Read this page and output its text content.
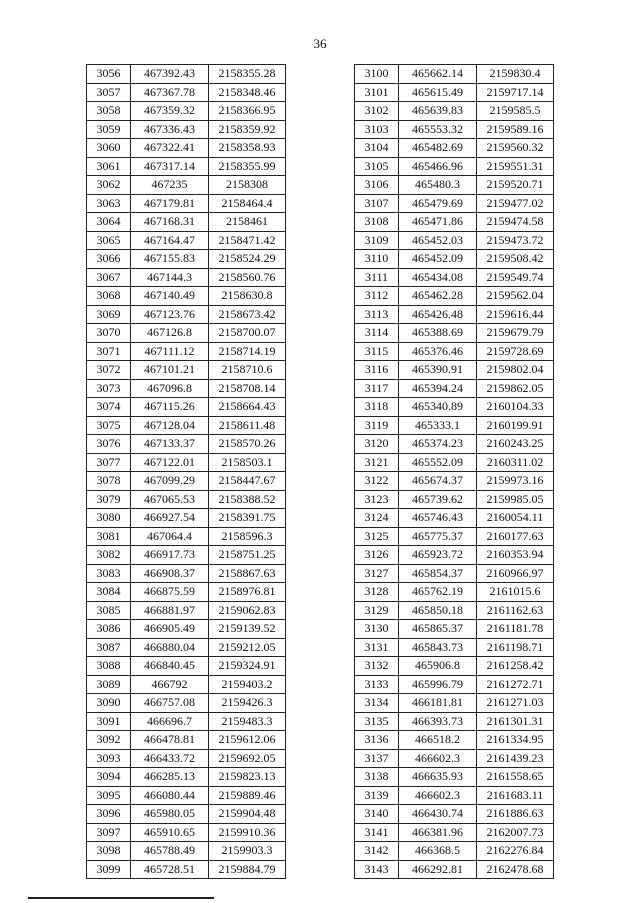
36
3056	467392.43	2158355.28
3057	467367.78	2158348.46
3058	467359.32	2158366.95
3059	467336.43	2158359.92
3060	467322.41	2158358.93
3061	467317.14	2158355.99
3062	467235	2158308
3063	467179.81	2158464.4
3064	467168.31	2158461
3065	467164.47	2158471.42
3066	467155.83	2158524.29
3067	467144.3	2158560.76
3068	467140.49	2158630.8
3069	467123.76	2158673.42
3070	467126.8	2158700.07
3071	467111.12	2158714.19
3072	467101.21	2158710.6
3073	467096.8	2158708.14
3074	467115.26	2158664.43
3075	467128.04	2158611.48
3076	467133.37	2158570.26
3077	467122.01	2158503.1
3078	467099.29	2158447.67
3079	467065.53	2158388.52
3080	466927.54	2158391.75
3081	467064.4	2158596.3
3082	466917.73	2158751.25
3083	466908.37	2158867.63
3084	466875.59	2158976.81
3085	466881.97	2159062.83
3086	466905.49	2159139.52
3087	466880.04	2159212.05
3088	466840.45	2159324.91
3089	466792	2159403.2
3090	466757.08	2159426.3
3091	466696.7	2159483.3
3092	466478.81	2159612.06
3093	466433.72	2159692.05
3094	466285.13	2159823.13
3095	466080.44	2159889.46
3096	465980.05	2159904.48
3097	465910.65	2159910.36
3098	465788.49	2159903.3
3099	465728.51	2159884.79
3100	465662.14	2159830.4
3101	465615.49	2159717.14
3102	465639.83	2159585.5
3103	465553.32	2159589.16
3104	465482.69	2159560.32
3105	465466.96	2159551.31
3106	465480.3	2159520.71
3107	465479.69	2159477.02
3108	465471.86	2159474.58
3109	465452.03	2159473.72
3110	465452.09	2159508.42
3111	465434.08	2159549.74
3112	465462.28	2159562.04
3113	465426.48	2159616.44
3114	465388.69	2159679.79
3115	465376.46	2159728.69
3116	465390.91	2159802.04
3117	465394.24	2159862.05
3118	465340.89	2160104.33
3119	465333.1	2160199.91
3120	465374.23	2160243.25
3121	465552.09	2160311.02
3122	465674.37	2159973.16
3123	465739.62	2159985.05
3124	465746.43	2160054.11
3125	465775.37	2160177.63
3126	465923.72	2160353.94
3127	465854.37	2160966.97
3128	465762.19	2161015.6
3129	465850.18	2161162.63
3130	465865.37	2161181.78
3131	465843.73	2161198.71
3132	465906.8	2161258.42
3133	465996.79	2161272.71
3134	466181.81	2161271.03
3135	466393.73	2161301.31
3136	466518.2	2161334.95
3137	466602.3	2161439.23
3138	466635.93	2161558.65
3139	466602.3	2161683.11
3140	466430.74	2161886.63
3141	466381.96	2162007.73
3142	466368.5	2162276.84
3143	466292.81	2162478.68
